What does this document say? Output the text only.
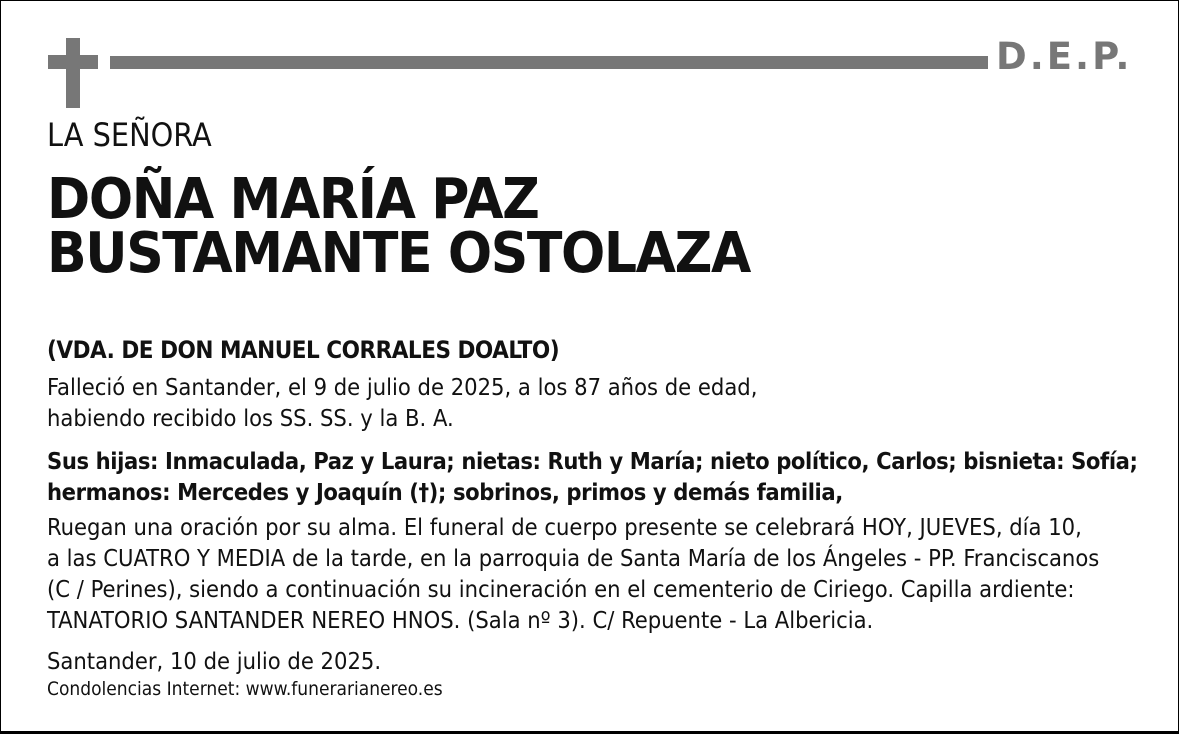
D.E.P.
LA SEÑORA
DOÑA MARÍA PAZ
BUSTAMANTE OSTOLAZA
(VDA. DE DON MANUEL CORRALES DOALTO)
Falleció en Santander, el 9 de julio de 2025, a los 87 años de edad,
habiendo recibido los SS. SS. y la B. A.
Sus hijas: Inmaculada, Paz y Laura; nietas: Ruth y María; nieto político, Carlos; bisnieta: Sofía;
hermanos: Mercedes y Joaquín (†); sobrinos, primos y demás familia,
Ruegan una oración por su alma. El funeral de cuerpo presente se celebrará HOY, JUEVES, día 10,
a las CUATRO Y MEDIA de la tarde, en la parroquia de Santa María de los Ángeles - PP. Franciscanos
(C / Perines), siendo a continuación su incineración en el cementerio de Ciriego. Capilla ardiente:
TANATORIO SANTANDER NEREO HNOS. (Sala nº 3). C/ Repuente - La Albericia.
Santander, 10 de julio de 2025.
Condolencias Internet: www.funerarianereo.es
